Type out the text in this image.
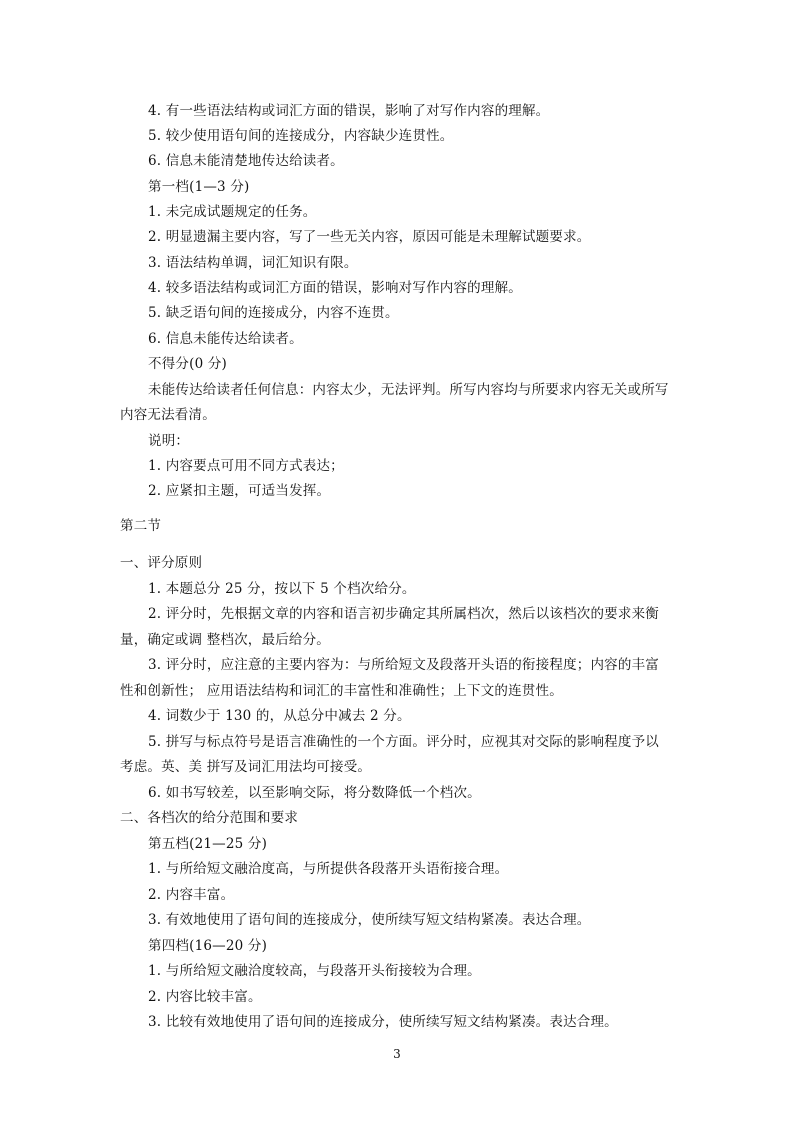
4. 有一些语法结构或词汇方面的错误，影响了对写作内容的理解。
5. 较少使用语句间的连接成分，内容缺少连贯性。
6. 信息未能清楚地传达给读者。
第一档(1—3 分)
1. 未完成试题规定的任务。
2. 明显遗漏主要内容，写了一些无关内容，原因可能是未理解试题要求。
3. 语法结构单调，词汇知识有限。
4. 较多语法结构或词汇方面的错误，影响对写作内容的理解。
5. 缺乏语句间的连接成分，内容不连贯。
6. 信息未能传达给读者。
不得分(0 分)
未能传达给读者任何信息：内容太少，无法评判。所写内容均与所要求内容无关或所写
内容无法看清。
说明：
1. 内容要点可用不同方式表达；
2. 应紧扣主题，可适当发挥。
第二节
一、评分原则
1. 本题总分 25 分，按以下 5 个档次给分。
2. 评分时，先根据文章的内容和语言初步确定其所属档次，然后以该档次的要求来衡
量，确定或调 整档次，最后给分。
3. 评分时，应注意的主要内容为：与所给短文及段落开头语的衔接程度；内容的丰富
性和创新性； 应用语法结构和词汇的丰富性和准确性；上下文的连贯性。
4. 词数少于 130 的，从总分中减去 2 分。
5. 拼写与标点符号是语言准确性的一个方面。评分时，应视其对交际的影响程度予以
考虑。英、美 拼写及词汇用法均可接受。
6. 如书写较差，以至影响交际，将分数降低一个档次。
二、各档次的给分范围和要求
第五档(21—25 分)
1. 与所给短文融洽度高，与所提供各段落开头语衔接合理。
2. 内容丰富。
3. 有效地使用了语句间的连接成分，使所续写短文结构紧凑。表达合理。
第四档(16—20 分)
1. 与所给短文融洽度较高，与段落开头衔接较为合理。
2. 内容比较丰富。
3. 比较有效地使用了语句间的连接成分，使所续写短文结构紧凑。表达合理。
3
